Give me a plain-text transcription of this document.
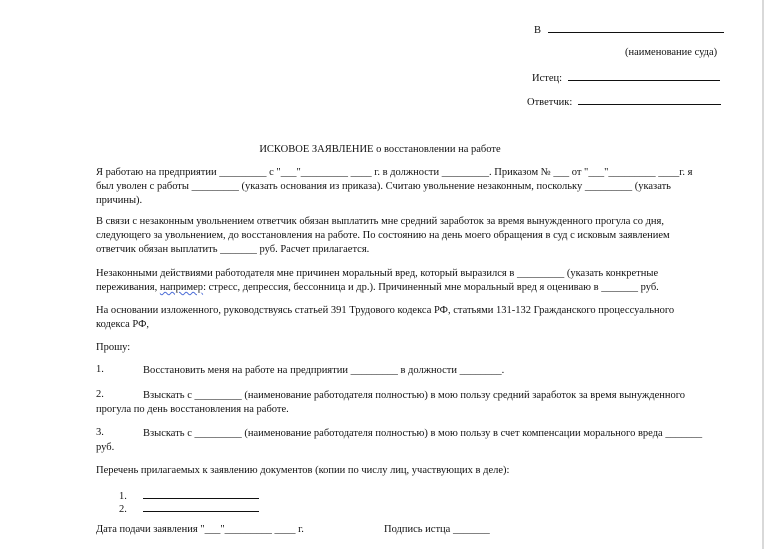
В
(наименование суда)
Истец:
Ответчик:
ИСКОВОЕ ЗАЯВЛЕНИЕ о восстановлении на работе
Я работаю на предприятии _________ с "___"_________ ____ г. в должности _________. Приказом № ___ от "___"_________ ____г. я
был уволен с работы _________ (указать основания из приказа). Считаю увольнение незаконным, поскольку _________ (указать
причины).
В связи с незаконным увольнением ответчик обязан выплатить мне средний заработок за время вынужденного прогула со дня,
следующего за увольнением, до восстановления на работе. По состоянию на день моего обращения в суд с исковым заявлением
ответчик обязан выплатить _______ руб. Расчет прилагается.
Незаконными действиями работодателя мне причинен моральный вред, который выразился в _________ (указать конкретные
переживания, например: стресс, депрессия, бессонница и др.). Причиненный мне моральный вред я оцениваю в _______ руб.
На основании изложенного, руководствуясь статьей 391 Трудового кодекса РФ, статьями 131-132 Гражданского процессуального
кодекса РФ,
Прошу:
1.	Восстановить меня на работе на предприятии _________ в должности ________.
2.	Взыскать с _________ (наименование работодателя полностью) в мою пользу средний заработок за время вынужденного
прогула по день восстановления на работе.
3.	Взыскать с _________ (наименование работодателя полностью) в мою пользу в счет компенсации морального вреда _______
руб.
Перечень прилагаемых к заявлению документов (копии по числу лиц, участвующих в деле):
1.
2.
Дата подачи заявления "___"_________ ____ г.	Подпись истца _______
